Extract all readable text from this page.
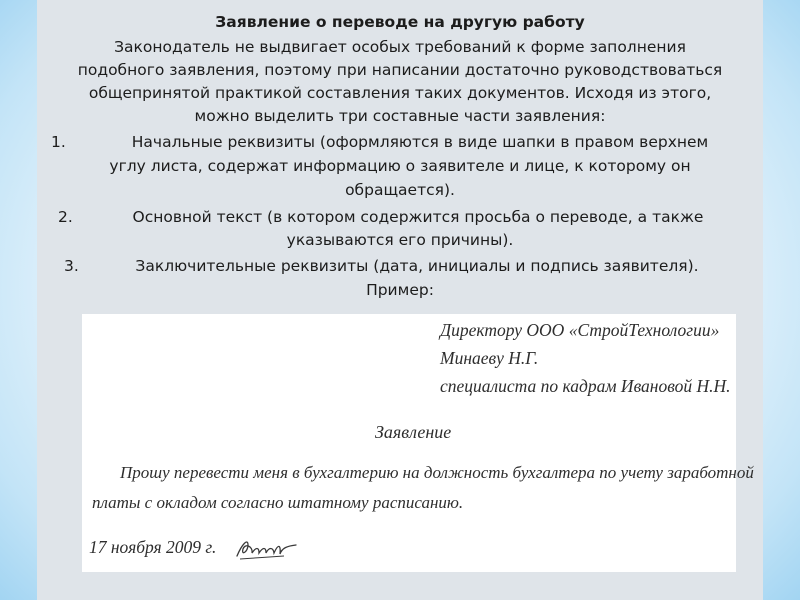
Заявление о переводе на другую работу
Законодатель не выдвигает особых требований к форме заполнения
подобного заявления, поэтому при написании достаточно руководствоваться
общепринятой практикой составления таких документов. Исходя из этого,
можно выделить три составные части заявления:
1.	Начальные реквизиты (оформляются в виде шапки в правом верхнем
углу листа, содержат информацию о заявителе и лице, к которому он
обращается).
2.	Основной текст (в котором содержится просьба о переводе, а также
указываются его причины).
3.	Заключительные реквизиты (дата, инициалы и подпись заявителя).
Пример:
Директору ООО «СтройТехнологии»
Минаеву Н.Г.
специалиста по кадрам Ивановой Н.Н.
Заявление
Прошу перевести меня в бухгалтерию на должность бухгалтера по учету заработной
платы с окладом согласно штатному расписанию.
17 ноября 2009 г.
